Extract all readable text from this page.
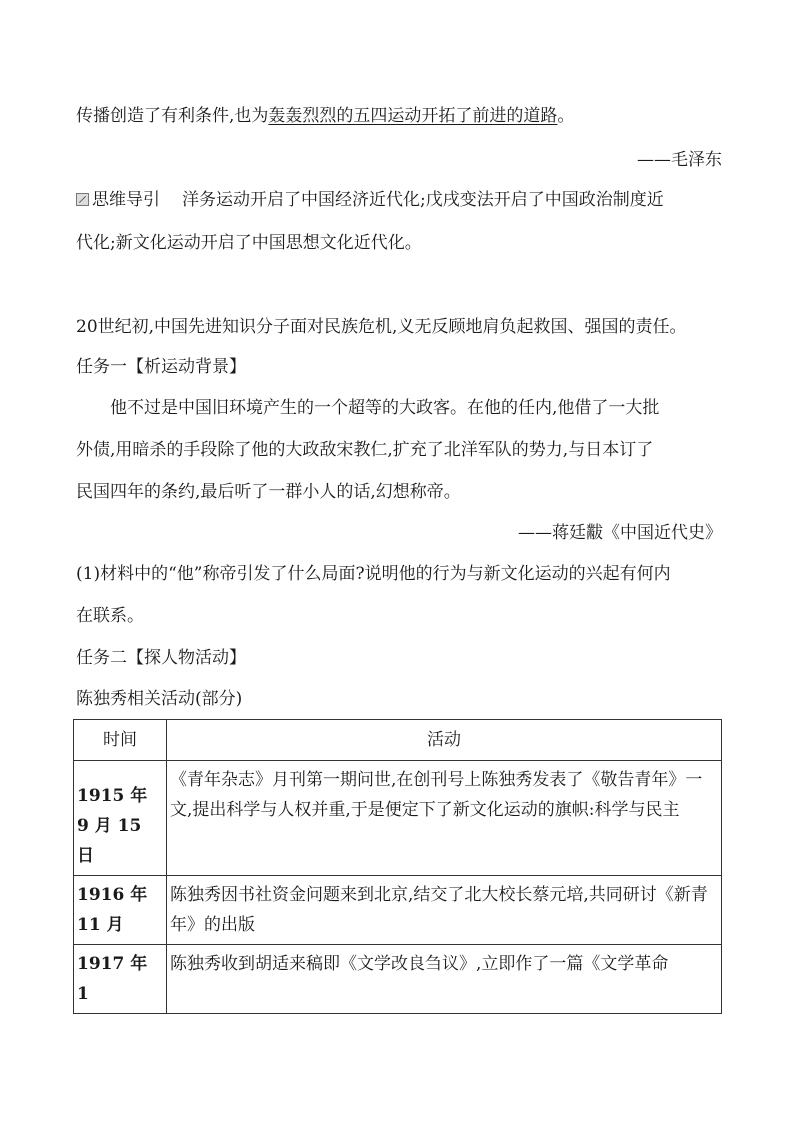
传播创造了有利条件,也为轰轰烈烈的五四运动开拓了前进的道路。
——毛泽东
思维导引 洋务运动开启了中国经济近代化;戊戌变法开启了中国政治制度近
代化;新文化运动开启了中国思想文化近代化。
20世纪初,中国先进知识分子面对民族危机,义无反顾地肩负起救国、强国的责任。
任务一【析运动背景】
他不过是中国旧环境产生的一个超等的大政客。在他的任内,他借了一大批
外债,用暗杀的手段除了他的大政敌宋教仁,扩充了北洋军队的势力,与日本订了
民国四年的条约,最后听了一群小人的话,幻想称帝。
——蒋廷黻《中国近代史》
(1)材料中的“他”称帝引发了什么局面?说明他的行为与新文化运动的兴起有何内
在联系。
任务二【探人物活动】
陈独秀相关活动(部分)
时间	活动
1915 年 9 月 15 日	《青年杂志》月刊第一期问世,在创刊号上陈独秀发表了《敬告青年》一文,提出科学与人权并重,于是便定下了新文化运动的旗帜:科学与民主
1916 年11 月	陈独秀因书社资金问题来到北京,结交了北大校长蔡元培,共同研讨《新青年》的出版
1917 年 1	陈独秀收到胡适来稿即《文学改良刍议》,立即作了一篇《文学革命
